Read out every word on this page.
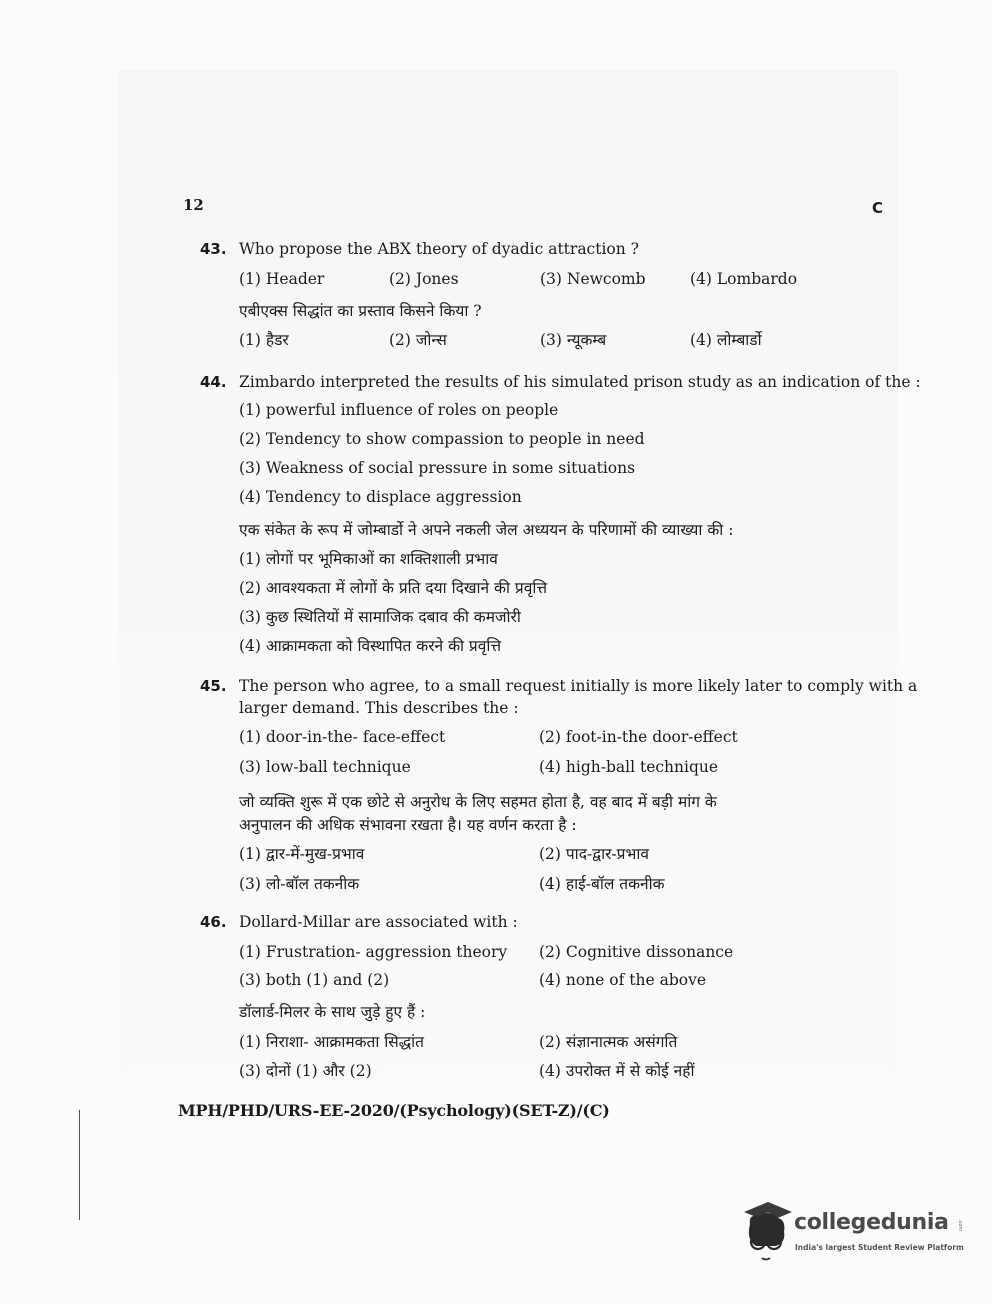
12	C
43. Who propose the ABX theory of dyadic attraction ?
(1) Header	(2) Jones	(3) Newcomb	(4) Lombardo
एबीएक्स सिद्धांत का प्रस्ताव किसने किया ?
(1) हैडर	(2) जोन्स	(3) न्यूकम्ब	(4) लोम्बार्डो
44. Zimbardo interpreted the results of his simulated prison study as an indication of the :
(1) powerful influence of roles on people
(2) Tendency to show compassion to people in need
(3) Weakness of social pressure in some situations
(4) Tendency to displace aggression
एक संकेत के रूप में जोम्बार्डो ने अपने नकली जेल अध्ययन के परिणामों की व्याख्या की :
(1) लोगों पर भूमिकाओं का शक्तिशाली प्रभाव
(2) आवश्यकता में लोगों के प्रति दया दिखाने की प्रवृत्ति
(3) कुछ स्थितियों में सामाजिक दबाव की कमजोरी
(4) आक्रामकता को विस्थापित करने की प्रवृत्ति
45. The person who agree, to a small request initially is more likely later to comply with a
larger demand. This describes the :
(1) door-in-the- face-effect	(2) foot-in-the door-effect
(3) low-ball technique	(4) high-ball technique
जो व्यक्ति शुरू में एक छोटे से अनुरोध के लिए सहमत होता है, वह बाद में बड़ी मांग के
अनुपालन की अधिक संभावना रखता है। यह वर्णन करता है :
(1) द्वार-में-मुख-प्रभाव	(2) पाद-द्वार-प्रभाव
(3) लो-बॉल तकनीक	(4) हाई-बॉल तकनीक
46. Dollard-Millar are associated with :
(1) Frustration- aggression theory (2) Cognitive dissonance
(3) both (1) and (2)	(4) none of the above
डॉलार्ड-मिलर के साथ जुड़े हुए हैं :
(1) निराशा- आक्रामकता सिद्धांत	(2) संज्ञानात्मक असंगति
(3) दोनों (1) और (2)	(4) उपरोक्त में से कोई नहीं
MPH/PHD/URS-EE-2020/(Psychology)(SET-Z)/(C)
collegedunia .com
India's largest Student Review Platform
